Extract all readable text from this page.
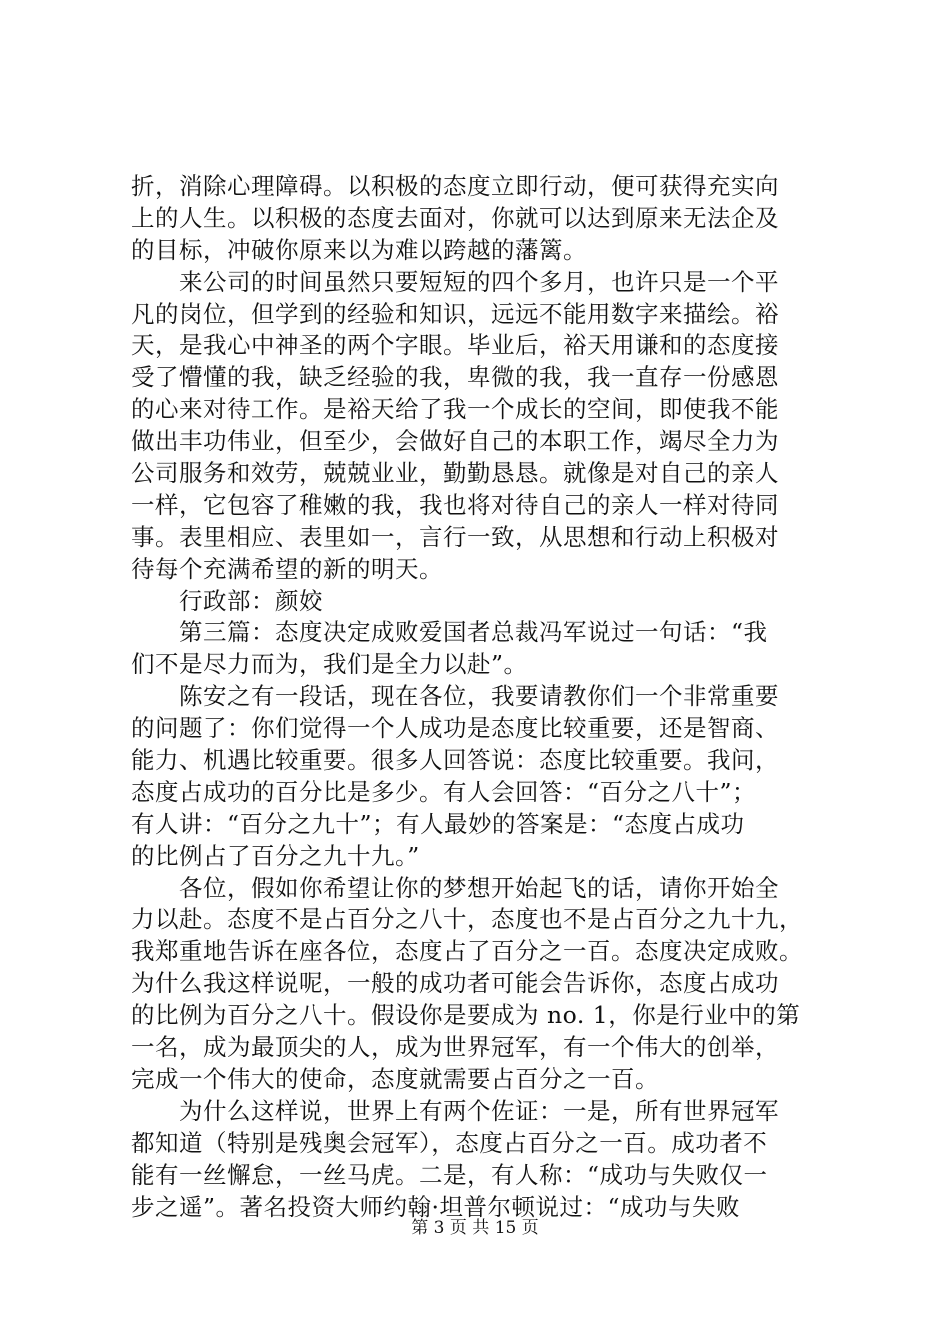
折，消除心理障碍。以积极的态度立即行动，便可获得充实向
上的人生。以积极的态度去面对，你就可以达到原来无法企及
的目标，冲破你原来以为难以跨越的藩篱。
来公司的时间虽然只要短短的四个多月，也许只是一个平
凡的岗位，但学到的经验和知识，远远不能用数字来描绘。裕
天，是我心中神圣的两个字眼。毕业后，裕天用谦和的态度接
受了懵懂的我，缺乏经验的我，卑微的我，我一直存一份感恩
的心来对待工作。是裕天给了我一个成长的空间，即使我不能
做出丰功伟业，但至少，会做好自己的本职工作，竭尽全力为
公司服务和效劳，兢兢业业，勤勤恳恳。就像是对自己的亲人
一样，它包容了稚嫩的我，我也将对待自己的亲人一样对待同
事。表里相应、表里如一，言行一致，从思想和行动上积极对
待每个充满希望的新的明天。
行政部：颜姣
第三篇：态度决定成败爱国者总裁冯军说过一句话：“我
们不是尽力而为，我们是全力以赴”。
陈安之有一段话，现在各位，我要请教你们一个非常重要
的问题了：你们觉得一个人成功是态度比较重要，还是智商、
能力、机遇比较重要。很多人回答说：态度比较重要。我问，
态度占成功的百分比是多少。有人会回答：“百分之八十”；
有人讲：“百分之九十”；有人最妙的答案是：“态度占成功
的比例占了百分之九十九。”
各位，假如你希望让你的梦想开始起飞的话，请你开始全
力以赴。态度不是占百分之八十，态度也不是占百分之九十九，
我郑重地告诉在座各位，态度占了百分之一百。态度决定成败。
为什么我这样说呢，一般的成功者可能会告诉你，态度占成功
的比例为百分之八十。假设你是要成为 no. 1，你是行业中的第
一名，成为最顶尖的人，成为世界冠军，有一个伟大的创举，
完成一个伟大的使命，态度就需要占百分之一百。
为什么这样说，世界上有两个佐证：一是，所有世界冠军
都知道（特别是残奥会冠军），态度占百分之一百。成功者不
能有一丝懈怠，一丝马虎。二是，有人称：“成功与失败仅一
步之遥”。著名投资大师约翰·坦普尔顿说过：“成功与失败
第 3 页 共 15 页
